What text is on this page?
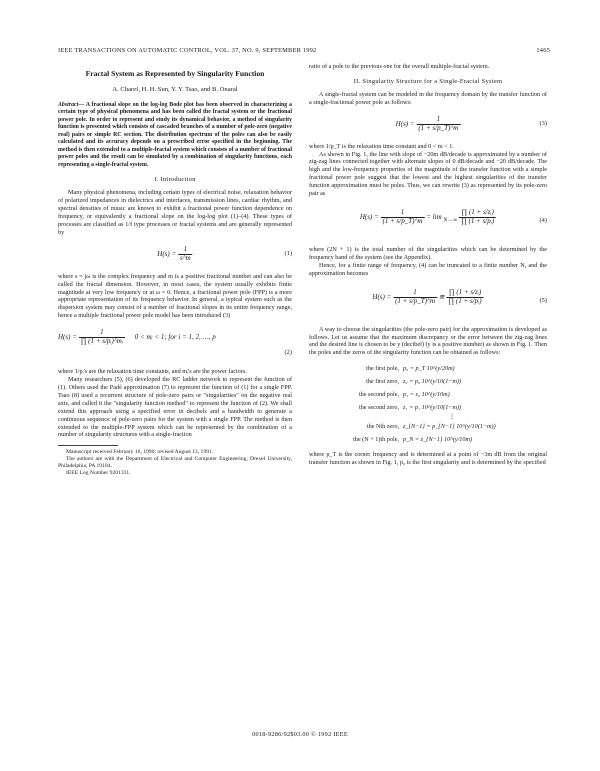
IEEE TRANSACTIONS ON AUTOMATIC CONTROL, VOL. 37, NO. 9, SEPTEMBER 1992	1465
Fractal System as Represented by Singularity Function
A. Charef, H. H. Sun, Y. Y. Tsao, and B. Onaral
Abstract— A fractional slope on the log-log Bode plot has been observed in characterizing a certain type of physical phenomena and has been called the fractal system or the fractional power pole. In order to represent and study its dynamical behavior, a method of singularity function is presented which consists of cascaded branches of a number of pole-zero (negative real) pairs or simple RC section. The distribution spectrum of the poles can also be easily calculated and its accuracy depends on a prescribed error specified in the beginning. The method is then extended to a multiple-fractal system which consists of a number of fractional power poles and the result can be simulated by a combination of singularity functions, each representing a single-fractal system.
I. Introduction

Many physical phenomena, including certain types of electrical noise, relaxation behavior of polarized impedances in dielectrics and interfaces, transmission lines, cardiac rhythm, and spectral densities of music are known to exhibit a fractional power function dependence on frequency, or equivalently a fractional slope on the log-log plot (1)–(4). These types of processes are classified as 1/f type processes or fractal systems and are generally represented by

$H(s) = \frac{1}{s\^{}m}$	(1)

where s = jω is the complex frequency and m is a positive fractional number and can also be called the fractal dimension. However, in most cases, the system usually exhibits finite magnitude at very low frequency or at ω = 0. Hence, a fractional power pole (FPP) is a more appropriate representation of its frequency behavior. In general, a typical system such as the dispersion system may consist of a number of fractional slopes in its entire frequency range, hence a multiple fractional power pole model has been introduced (3)

$H(s) = \frac{1}{\text{∏ (1 + s/pᵢ)\textasciicircum{}mᵢ}} 0$ < mᵢ < 1; for i = 1, 2, …, p
(2)

where 1/pᵢ's are the relaxation time constants, and mᵢ's are the power factors.

Many researchers (5), (6) developed the RC ladder network to represent the function of (1). Others used the Padé approximation (7) to represent the function of (1) for a single FPP. Tsao (8) used a recurrent structure of pole-zero pairs or "singularities" on the negative real axis, and called it the "singularity function method" to represent the function of (2). We shall extend this approach using a specified error in decibels and a bandwidth to generate a continuous sequence of pole-zero pairs for the system with a single FPP. The method is then extended to the multiple-FPP system which can be represented by the combination of a number of singularity structures with a single-fraction

Manuscript received February 16, 1990; revised August 13, 1991.

The authors are with the Department of Electrical and Computer Engineering, Drexel University, Philadelphia, PA 19104.

IEEE Log Number 9201331.

ratio of a pole to the previous one for the overall multiple-fractal system.

II. Singularity Structure for a Single-Fractal System

A single-fractal system can be modeled in the frequency domain by the transfer function of a single-fractional power pole as follows:

$H(s) = \frac{1}{(1 + s/p\_T)\^{}m}$	(3)

where 1/p_T is the relaxation time constant and 0 < m < 1.

As shown in Fig. 1, the line with slope of −20m dB/decade is approximated by a number of zig-zag lines connected together with alternate slopes of 0 dB/decade and −20 dB/decade. The high and the low-frequency properties of the magnitude of the transfer function with a simple fractional power pole suggest that the lowest and the highest singularities of the transfer function approximation must be poles. Thus, we can rewrite (3) as represented by its pole-zero pair as

$H(s) = \frac{1}{(1 + s/p\_T)\^{}m} = \lim _{N\to\infty} \frac{\text{∏ (1 + s/zᵢ)}}{\text{∏ (1 + s/pᵢ)}}$	(4)

where (2N + 1) is the total number of the singularities which can be determined by the frequency band of the system (see the Appendix).

Hence, for a finite range of frequency, (4) can be truncated to a finite number N, and the approximation becomes

$H(s) = \frac{1}{(1 + s/p\_T)\^{}m}$ ≅ $\frac{\text{∏ (1 + s/zᵢ)}}{\text{∏ (1 + s/pᵢ)}}$	(5)

A way to choose the singularities (the pole-zero pair) for the approximation is developed as follows. Let us assume that the maximum discrepancy or the error between the zig-zag lines and the desired line is chosen to be y (decibel) (y is a positive number) as shown in Fig. 1. Then the poles and the zeros of the singularity function can be obtained as follows:

the first pole, p₀ = p_T 10^(y/20m)
the first zero, z₀ = p₀ 10^(y/10(1−m))
the second pole, p₁ = z₀ 10^(y/10m)
the second zero, z₁ = p₁ 10^(y/10(1−m))
⋮
the Nth zero, z_{N−1} = p_{N−1} 10^(y/10(1−m))
the (N + 1)th pole, p_N = z_{N−1} 10^(y/10m)

where p_T is the corner frequency and is determined at a point of −3m dB from the original transfer function as shown in Fig. 1, p₀ is the first singularity and is determined by the specified

0018-9286/92$03.00 © 1992 IEEE
